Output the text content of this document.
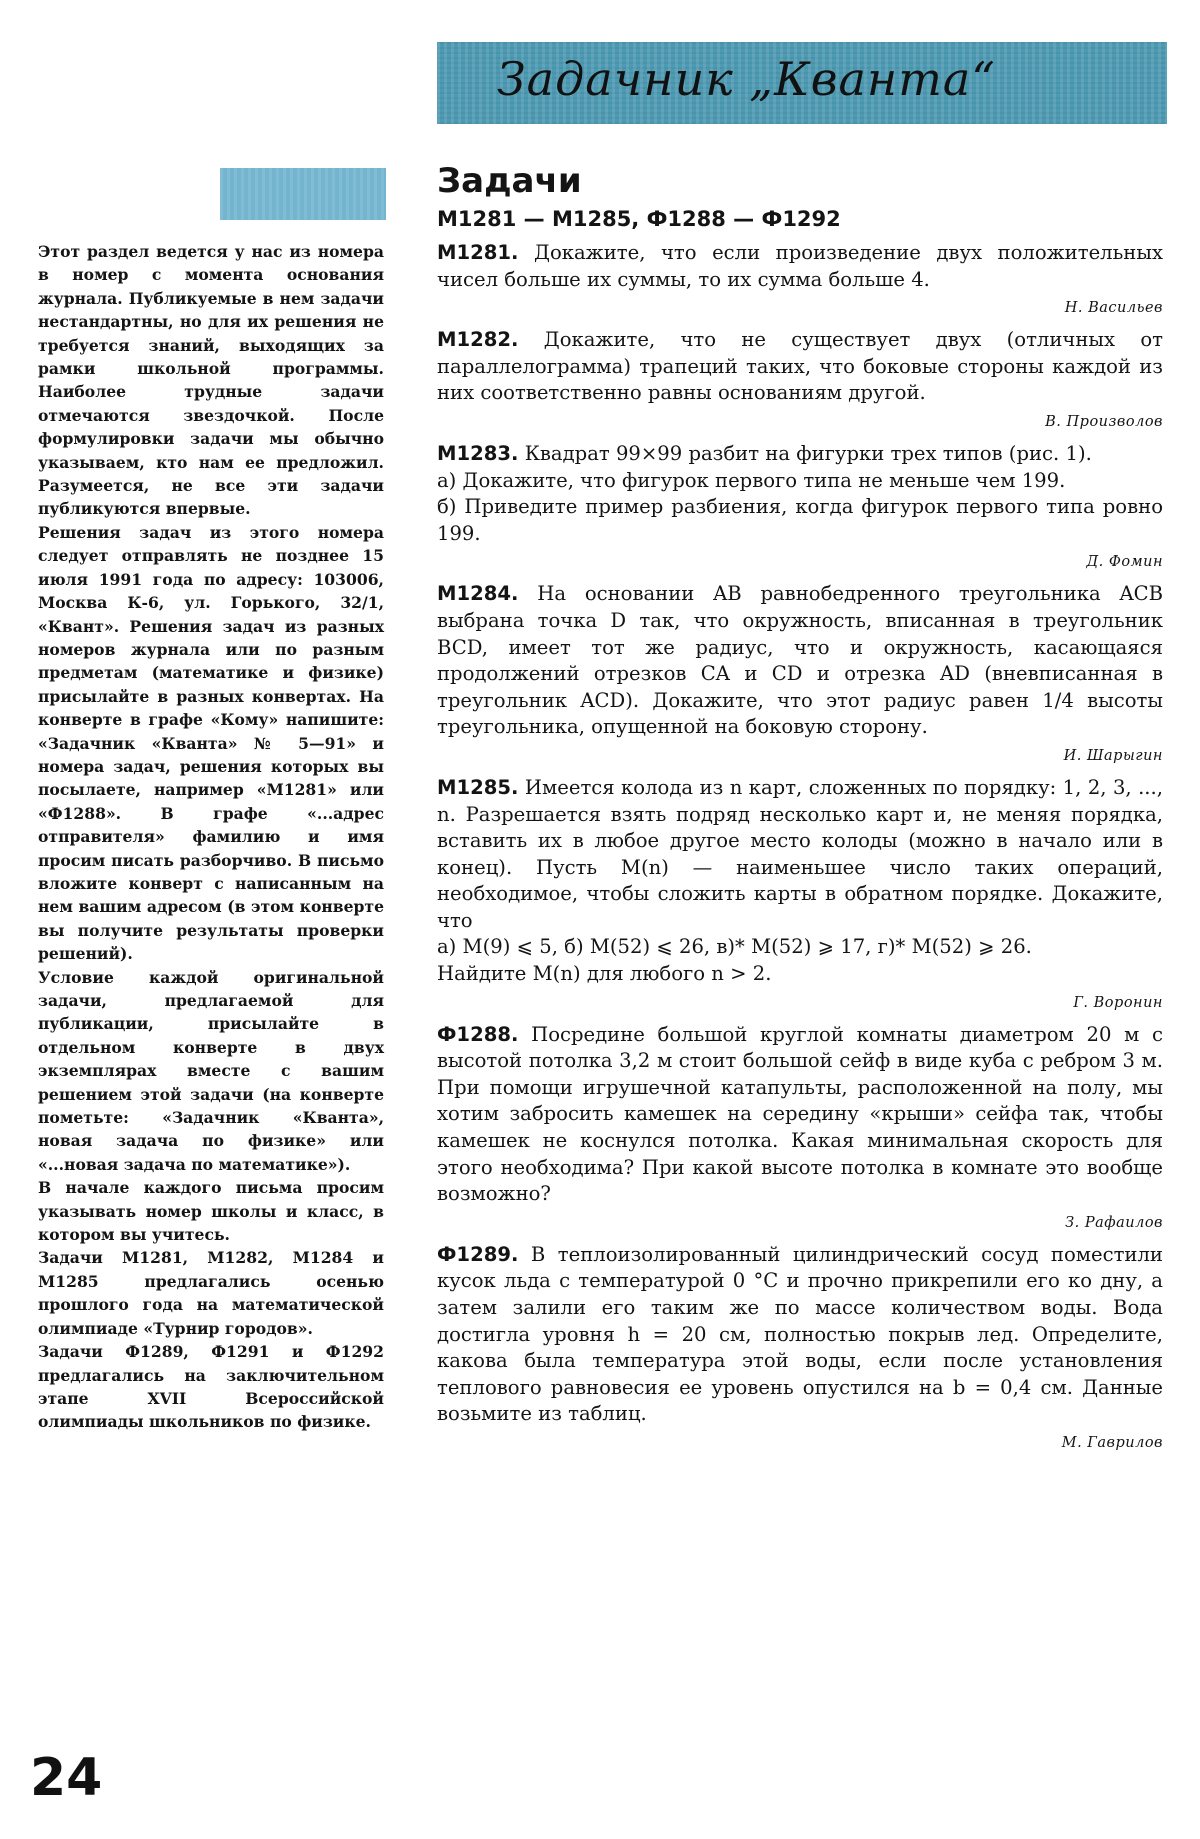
Задачник „Кванта“

Этот раздел ведется у нас из номера в номер с момента основания журнала. Публикуемые в нем задачи нестандартны, но для их решения не требуется знаний, выходящих за рамки школьной программы. Наиболее трудные задачи отмечаются звездочкой. После формулировки задачи мы обычно указываем, кто нам ее предложил. Разумеется, не все эти задачи публикуются впервые.

Решения задач из этого номера следует отправлять не позднее 15 июля 1991 года по адресу: 103006, Москва К-6, ул. Горького, 32/1, «Квант». Решения задач из разных номеров журнала или по разным предметам (математике и физике) присылайте в разных конвертах. На конверте в графе «Кому» напишите: «Задачник «Кванта» № 5—91» и номера задач, решения которых вы посылаете, например «М1281» или «Ф1288». В графе «...адрес отправителя» фамилию и имя просим писать разборчиво. В письмо вложите конверт с написанным на нем вашим адресом (в этом конверте вы получите результаты проверки решений).

Условие каждой оригинальной задачи, предлагаемой для публикации, присылайте в отдельном конверте в двух экземплярах вместе с вашим решением этой задачи (на конверте пометьте: «Задачник «Кванта», новая задача по физике» или «...новая задача по математике»).

В начале каждого письма просим указывать номер школы и класс, в котором вы учитесь.

Задачи М1281, М1282, М1284 и М1285 предлагались осенью прошлого года на математической олимпиаде «Турнир городов».

Задачи Ф1289, Ф1291 и Ф1292 предлагались на заключительном этапе XVII Всероссийской олимпиады школьников по физике.

24
Задачи
М1281 — М1285, Ф1288 — Ф1292

М1281. Докажите, что если произведение двух положительных чисел больше их суммы, то их сумма больше 4.

Н. Васильев

М1282. Докажите, что не существует двух (отличных от параллелограмма) трапеций таких, что боковые стороны каждой из них соответственно равны основаниям другой.

В. Произволов

М1283. Квадрат 99×99 разбит на фигурки трех типов (рис. 1).

а) Докажите, что фигурок первого типа не меньше чем 199.

б) Приведите пример разбиения, когда фигурок первого типа ровно 199.

Д. Фомин

М1284. На основании AB равнобедренного треугольника ACB выбрана точка D так, что окружность, вписанная в треугольник BCD, имеет тот же радиус, что и окружность, касающаяся продолжений отрезков CA и CD и отрезка AD (вневписанная в треугольник ACD). Докажите, что этот радиус равен 1/4 высоты треугольника, опущенной на боковую сторону.

И. Шарыгин

М1285. Имеется колода из n карт, сложенных по порядку: 1, 2, 3, ..., n. Разрешается взять подряд несколько карт и, не меняя порядка, вставить их в любое другое место колоды (можно в начало или в конец). Пусть M(n) — наименьшее число таких операций, необходимое, чтобы сложить карты в обратном порядке. Докажите, что

а) M(9) ⩽ 5, б) M(52) ⩽ 26, в)* M(52) ⩾ 17, г)* M(52) ⩾ 26.

Найдите M(n) для любого n > 2.

Г. Воронин

Ф1288. Посредине большой круглой комнаты диаметром 20 м с высотой потолка 3,2 м стоит большой сейф в виде куба с ребром 3 м. При помощи игрушечной катапульты, расположенной на полу, мы хотим забросить камешек на середину «крыши» сейфа так, чтобы камешек не коснулся потолка. Какая минимальная скорость для этого необходима? При какой высоте потолка в комнате это вообще возможно?

З. Рафаилов

Ф1289. В теплоизолированный цилиндрический сосуд поместили кусок льда с температурой 0 °С и прочно прикрепили его ко дну, а затем залили его таким же по массе количеством воды. Вода достигла уровня h = 20 см, полностью покрыв лед. Определите, какова была температура этой воды, если после установления теплового равновесия ее уровень опустился на b = 0,4 см. Данные возьмите из таблиц.

М. Гаврилов
